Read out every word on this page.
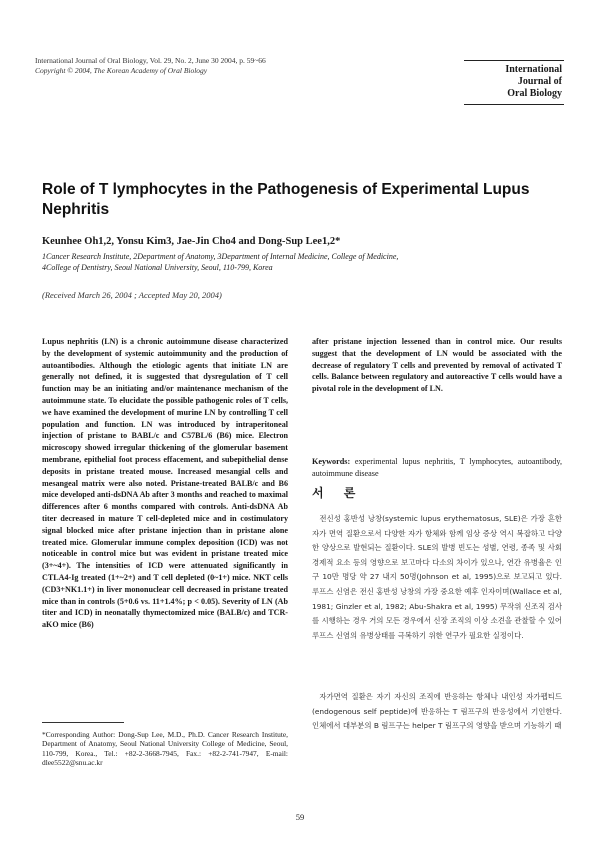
International Journal of Oral Biology, Vol. 29, No. 2, June 30 2004, p. 59~66
Copyright © 2004, The Korean Academy of Oral Biology	International
Journal of
Oral Biology
Role of T lymphocytes in the Pathogenesis of Experimental Lupus Nephritis
Keunhee Oh1,2, Yonsu Kim3, Jae-Jin Cho4 and Dong-Sup Lee1,2*
1Cancer Research Institute, 2Department of Anatomy, 3Department of Internal Medicine, College of Medicine,
4College of Dentistry, Seoul National University, Seoul, 110-799, Korea
(Received March 26, 2004 ; Accepted May 20, 2004)
Lupus nephritis (LN) is a chronic autoimmune disease characterized by the development of systemic autoimmunity and the production of autoantibodies. Although the etiologic agents that initiate LN are generally not defined, it is suggested that dysregulation of T cell function may be an initiating and/or maintenance mechanism of the autoimmune state. To elucidate the possible pathogenic roles of T cells, we have examined the development of murine LN by controlling T cell population and function. LN was introduced by intraperitoneal injection of pristane to BABL/c and C57BL/6 (B6) mice. Electron microscopy showed irregular thickening of the glomerular basement membrane, epithelial foot process effacement, and subepithelial dense deposits in pristane treated mouse. Increased mesangial cells and mesangeal matrix were also noted. Pristane-treated BALB/c and B6 mice developed anti-dsDNA Ab after 3 months and reached to maximal differences after 6 months compared with controls. Anti-dsDNA Ab titer decreased in mature T cell-depleted mice and in costimulatory signal blocked mice after pristane injection than in pristane alone treated mice. Glomerular immune complex deposition (ICD) was not noticeable in control mice but was evident in pristane treated mice (3+~4+). The intensities of ICD were attenuated significantly in CTLA4-Ig treated (1+~2+) and T cell depleted (0~1+) mice. NKT cells (CD3+NK1.1+) in liver mononuclear cell decreased in pristane treated mice than in controls (5+0.6 vs. 11+1.4%; p < 0.05). Severity of LN (Ab titer and ICD) in neonatally thymectomized mice (BALB/c) and TCR-aKO mice (B6)
after pristane injection lessened than in control mice. Our results suggest that the development of LN would be associated with the decrease of regulatory T cells and prevented by removal of activated T cells. Balance between regulatory and autoreactive T cells would have a pivotal role in the development of LN.
Keywords: experimental lupus nephritis, T lymphocytes, autoantibody, autoimmune disease
서 론
전신성 홍반성 낭창(systemic lupus erythematosus, SLE)은 가장 흔한 자가 면역 질환으로서 다양한 자가 항체와 함께 임상 증상 역시 복잡하고 다양한 양상으로 발현되는 질환이다. SLE의 발병 빈도는 성별, 연령, 종족 및 사회 경제적 요소 등의 영향으로 보고마다 다소의 차이가 있으나, 연간 유병율은 인구 10만 명당 약 27 내지 50명(Johnson et al, 1995)으로 보고되고 있다. 루프스 신염은 전신 홍반성 낭창의 가장 중요한 예후 인자이며(Wallace et al, 1981; Ginzler et al, 1982; Abu-Shakra et al, 1995) 무작위 신조직 검사를 시행하는 경우 거의 모든 경우에서 신장 조직의 이상 소견을 관찰할 수 있어 루프스 신염의 유병상태를 극복하기 위한 연구가 필요한 실정이다.
자가면역 질환은 자기 자신의 조직에 반응하는 항체나 내인성 자가펩티드(endogenous self peptide)에 반응하는 T 림프구의 반응성에서 기인한다. 인체에서 대부분의 B 림프구는 helper T 림프구의 영향을 받으며 기능하기 때
*Corresponding Author: Dong-Sup Lee, M.D., Ph.D. Cancer Research Institute, Department of Anatomy, Seoul National University College of Medicine, Seoul, 110-799, Korea., Tel.: +82-2-3668-7945, Fax.: +82-2-741-7947, E-mail: dlee5522@snu.ac.kr
59
